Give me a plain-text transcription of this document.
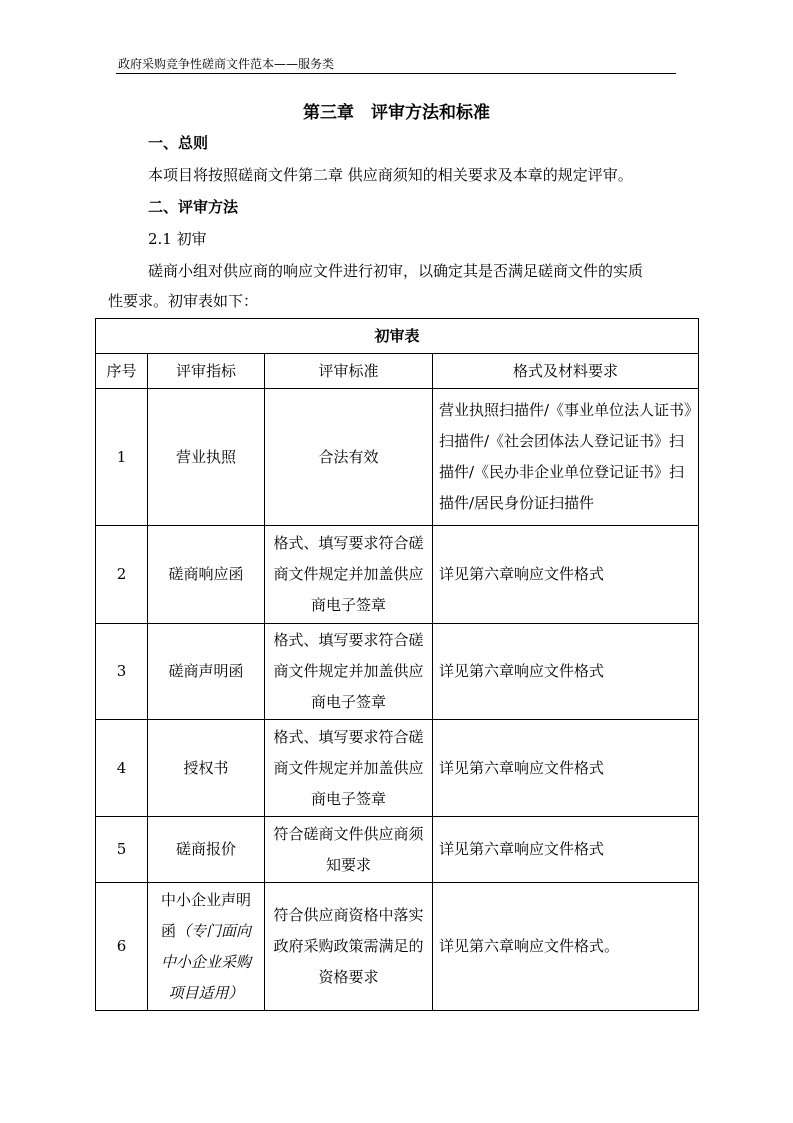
政府采购竞争性磋商文件范本——服务类
第三章　评审方法和标准
一、总则
本项目将按照磋商文件第二章 供应商须知的相关要求及本章的规定评审。
二、评审方法
2.1 初审
磋商小组对供应商的响应文件进行初审，以确定其是否满足磋商文件的实质
性要求。初审表如下：
初审表			
序号	评审指标	评审标准	格式及材料要求
1	营业执照	合法有效	营业执照扫描件/《事业单位法人证书》扫描件/《社会团体法人登记证书》扫描件/《民办非企业单位登记证书》扫描件/居民身份证扫描件
2	磋商响应函	格式、填写要求符合磋商文件规定并加盖供应商电子签章	详见第六章响应文件格式
3	磋商声明函	格式、填写要求符合磋商文件规定并加盖供应商电子签章	详见第六章响应文件格式
4	授权书	格式、填写要求符合磋商文件规定并加盖供应商电子签章	详见第六章响应文件格式
5	磋商报价	符合磋商文件供应商须知要求	详见第六章响应文件格式
6	中小企业声明函（专门面向中小企业采购项目适用）	符合供应商资格中落实政府采购政策需满足的资格要求	详见第六章响应文件格式。
